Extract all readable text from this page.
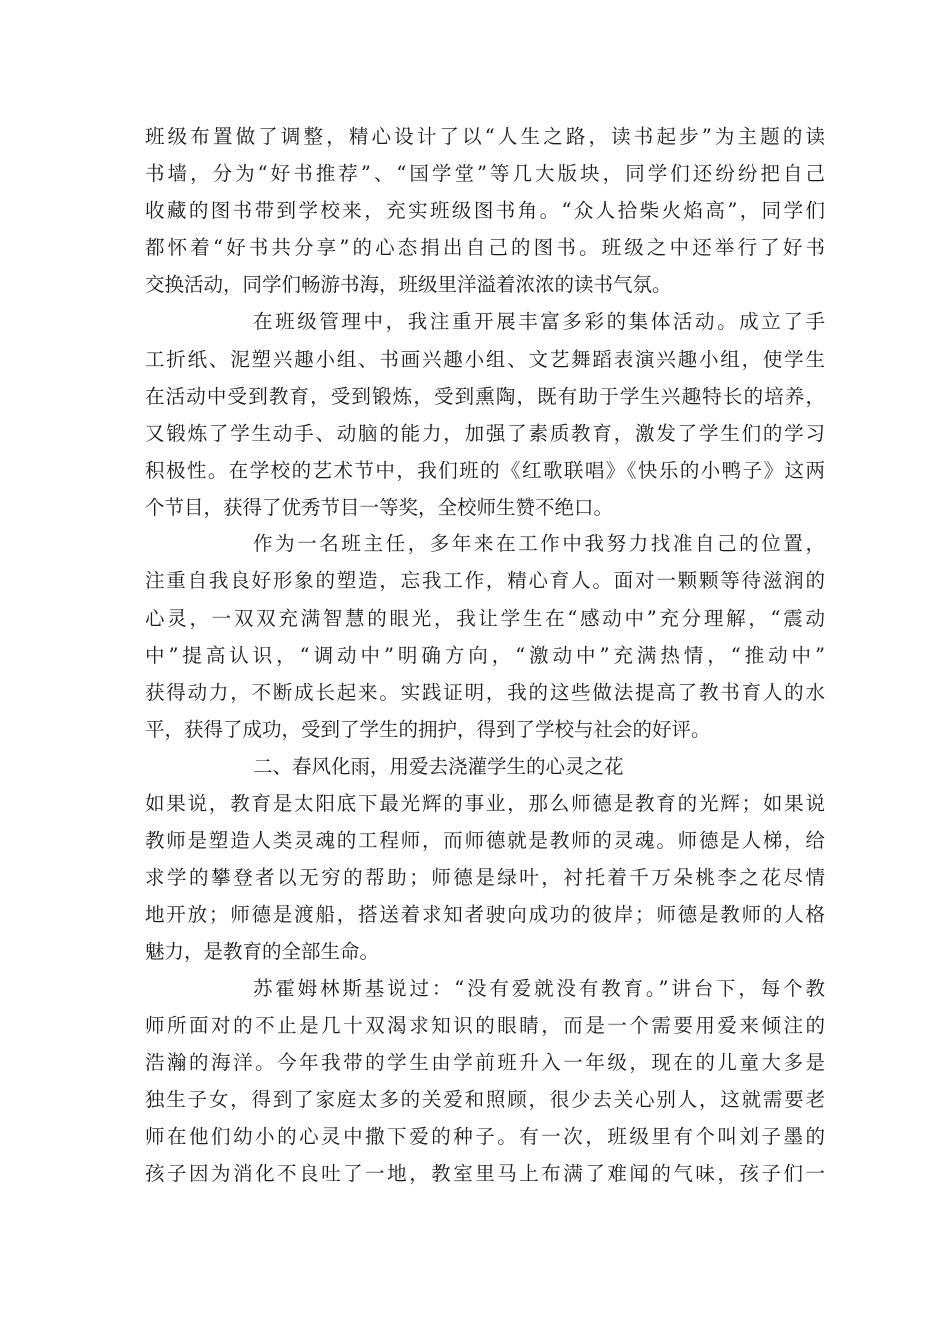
班级布置做了调整，精心设计了以“人生之路，读书起步”为主题的读
书墙，分为“好书推荐”、“国学堂”等几大版块，同学们还纷纷把自己
收藏的图书带到学校来，充实班级图书角。“众人拾柴火焰高”，同学们
都怀着“好书共分享”的心态捐出自己的图书。班级之中还举行了好书
交换活动，同学们畅游书海，班级里洋溢着浓浓的读书气氛。
在班级管理中，我注重开展丰富多彩的集体活动。成立了手
工折纸、泥塑兴趣小组、书画兴趣小组、文艺舞蹈表演兴趣小组，使学生
在活动中受到教育，受到锻炼，受到熏陶，既有助于学生兴趣特长的培养，
又锻炼了学生动手、动脑的能力，加强了素质教育，激发了学生们的学习
积极性。在学校的艺术节中，我们班的《红歌联唱》《快乐的小鸭子》这两
个节目，获得了优秀节目一等奖，全校师生赞不绝口。
作为一名班主任，多年来在工作中我努力找准自己的位置，
注重自我良好形象的塑造，忘我工作，精心育人。面对一颗颗等待滋润的
心灵，一双双充满智慧的眼光，我让学生在“感动中”充分理解，“震动
中”提高认识，“调动中”明确方向，“激动中”充满热情，“推动中”
获得动力，不断成长起来。实践证明，我的这些做法提高了教书育人的水
平，获得了成功，受到了学生的拥护，得到了学校与社会的好评。
二、春风化雨，用爱去浇灌学生的心灵之花
如果说，教育是太阳底下最光辉的事业，那么师德是教育的光辉；如果说
教师是塑造人类灵魂的工程师，而师德就是教师的灵魂。师德是人梯，给
求学的攀登者以无穷的帮助；师德是绿叶，衬托着千万朵桃李之花尽情
地开放；师德是渡船，搭送着求知者驶向成功的彼岸；师德是教师的人格
魅力，是教育的全部生命。
苏霍姆林斯基说过：“没有爱就没有教育。”讲台下，每个教
师所面对的不止是几十双渴求知识的眼睛，而是一个需要用爱来倾注的
浩瀚的海洋。今年我带的学生由学前班升入一年级，现在的儿童大多是
独生子女，得到了家庭太多的关爱和照顾，很少去关心别人，这就需要老
师在他们幼小的心灵中撒下爱的种子。有一次，班级里有个叫刘子墨的
孩子因为消化不良吐了一地，教室里马上布满了难闻的气味，孩子们一
